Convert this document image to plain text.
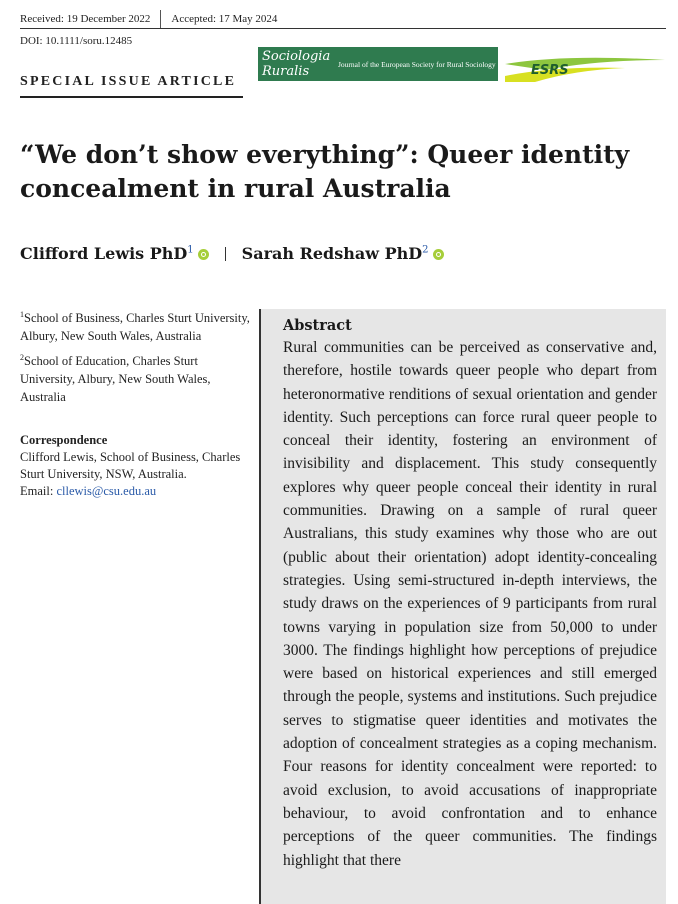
Received: 19 December 2022 Accepted: 17 May 2024
DOI: 10.1111/soru.12485
SPECIAL ISSUE ARTICLE
Sociologia
Ruralis	Journal of the European Society for Rural Sociology	ESRS
“We don’t show everything”: Queer identity concealment in rural Australia
Clifford Lewis PhD$^1$	Sarah Redshaw PhD$^2$

$^1$School of Business, Charles Sturt University, Albury, New South Wales, Australia

$^2$School of Education, Charles Sturt University, Albury, New South Wales, Australia

Correspondence
Clifford Lewis, School of Business, Charles Sturt University, NSW, Australia.
Email: cllewis@csu.edu.au
Abstract
Rural communities can be perceived as conservative and, therefore, hostile towards queer people who depart from heteronormative renditions of sexual orientation and gender identity. Such perceptions can force rural queer people to conceal their identity, fostering an environment of invisibility and displacement. This study consequently explores why queer people conceal their identity in rural communities. Drawing on a sample of rural queer Australians, this study examines why those who are out (public about their orientation) adopt identity-concealing strategies. Using semi-structured in-depth interviews, the study draws on the experiences of 9 participants from rural towns varying in population size from 50,000 to under 3000. The findings highlight how perceptions of prejudice were based on historical experiences and still emerged through the people, systems and institutions. Such prejudice serves to stigmatise queer identities and motivates the adoption of concealment strategies as a coping mechanism. Four reasons for identity concealment were reported: to avoid exclusion, to avoid accusations of inappropriate behaviour, to avoid confrontation and to enhance perceptions of the queer communities. The findings highlight that there
